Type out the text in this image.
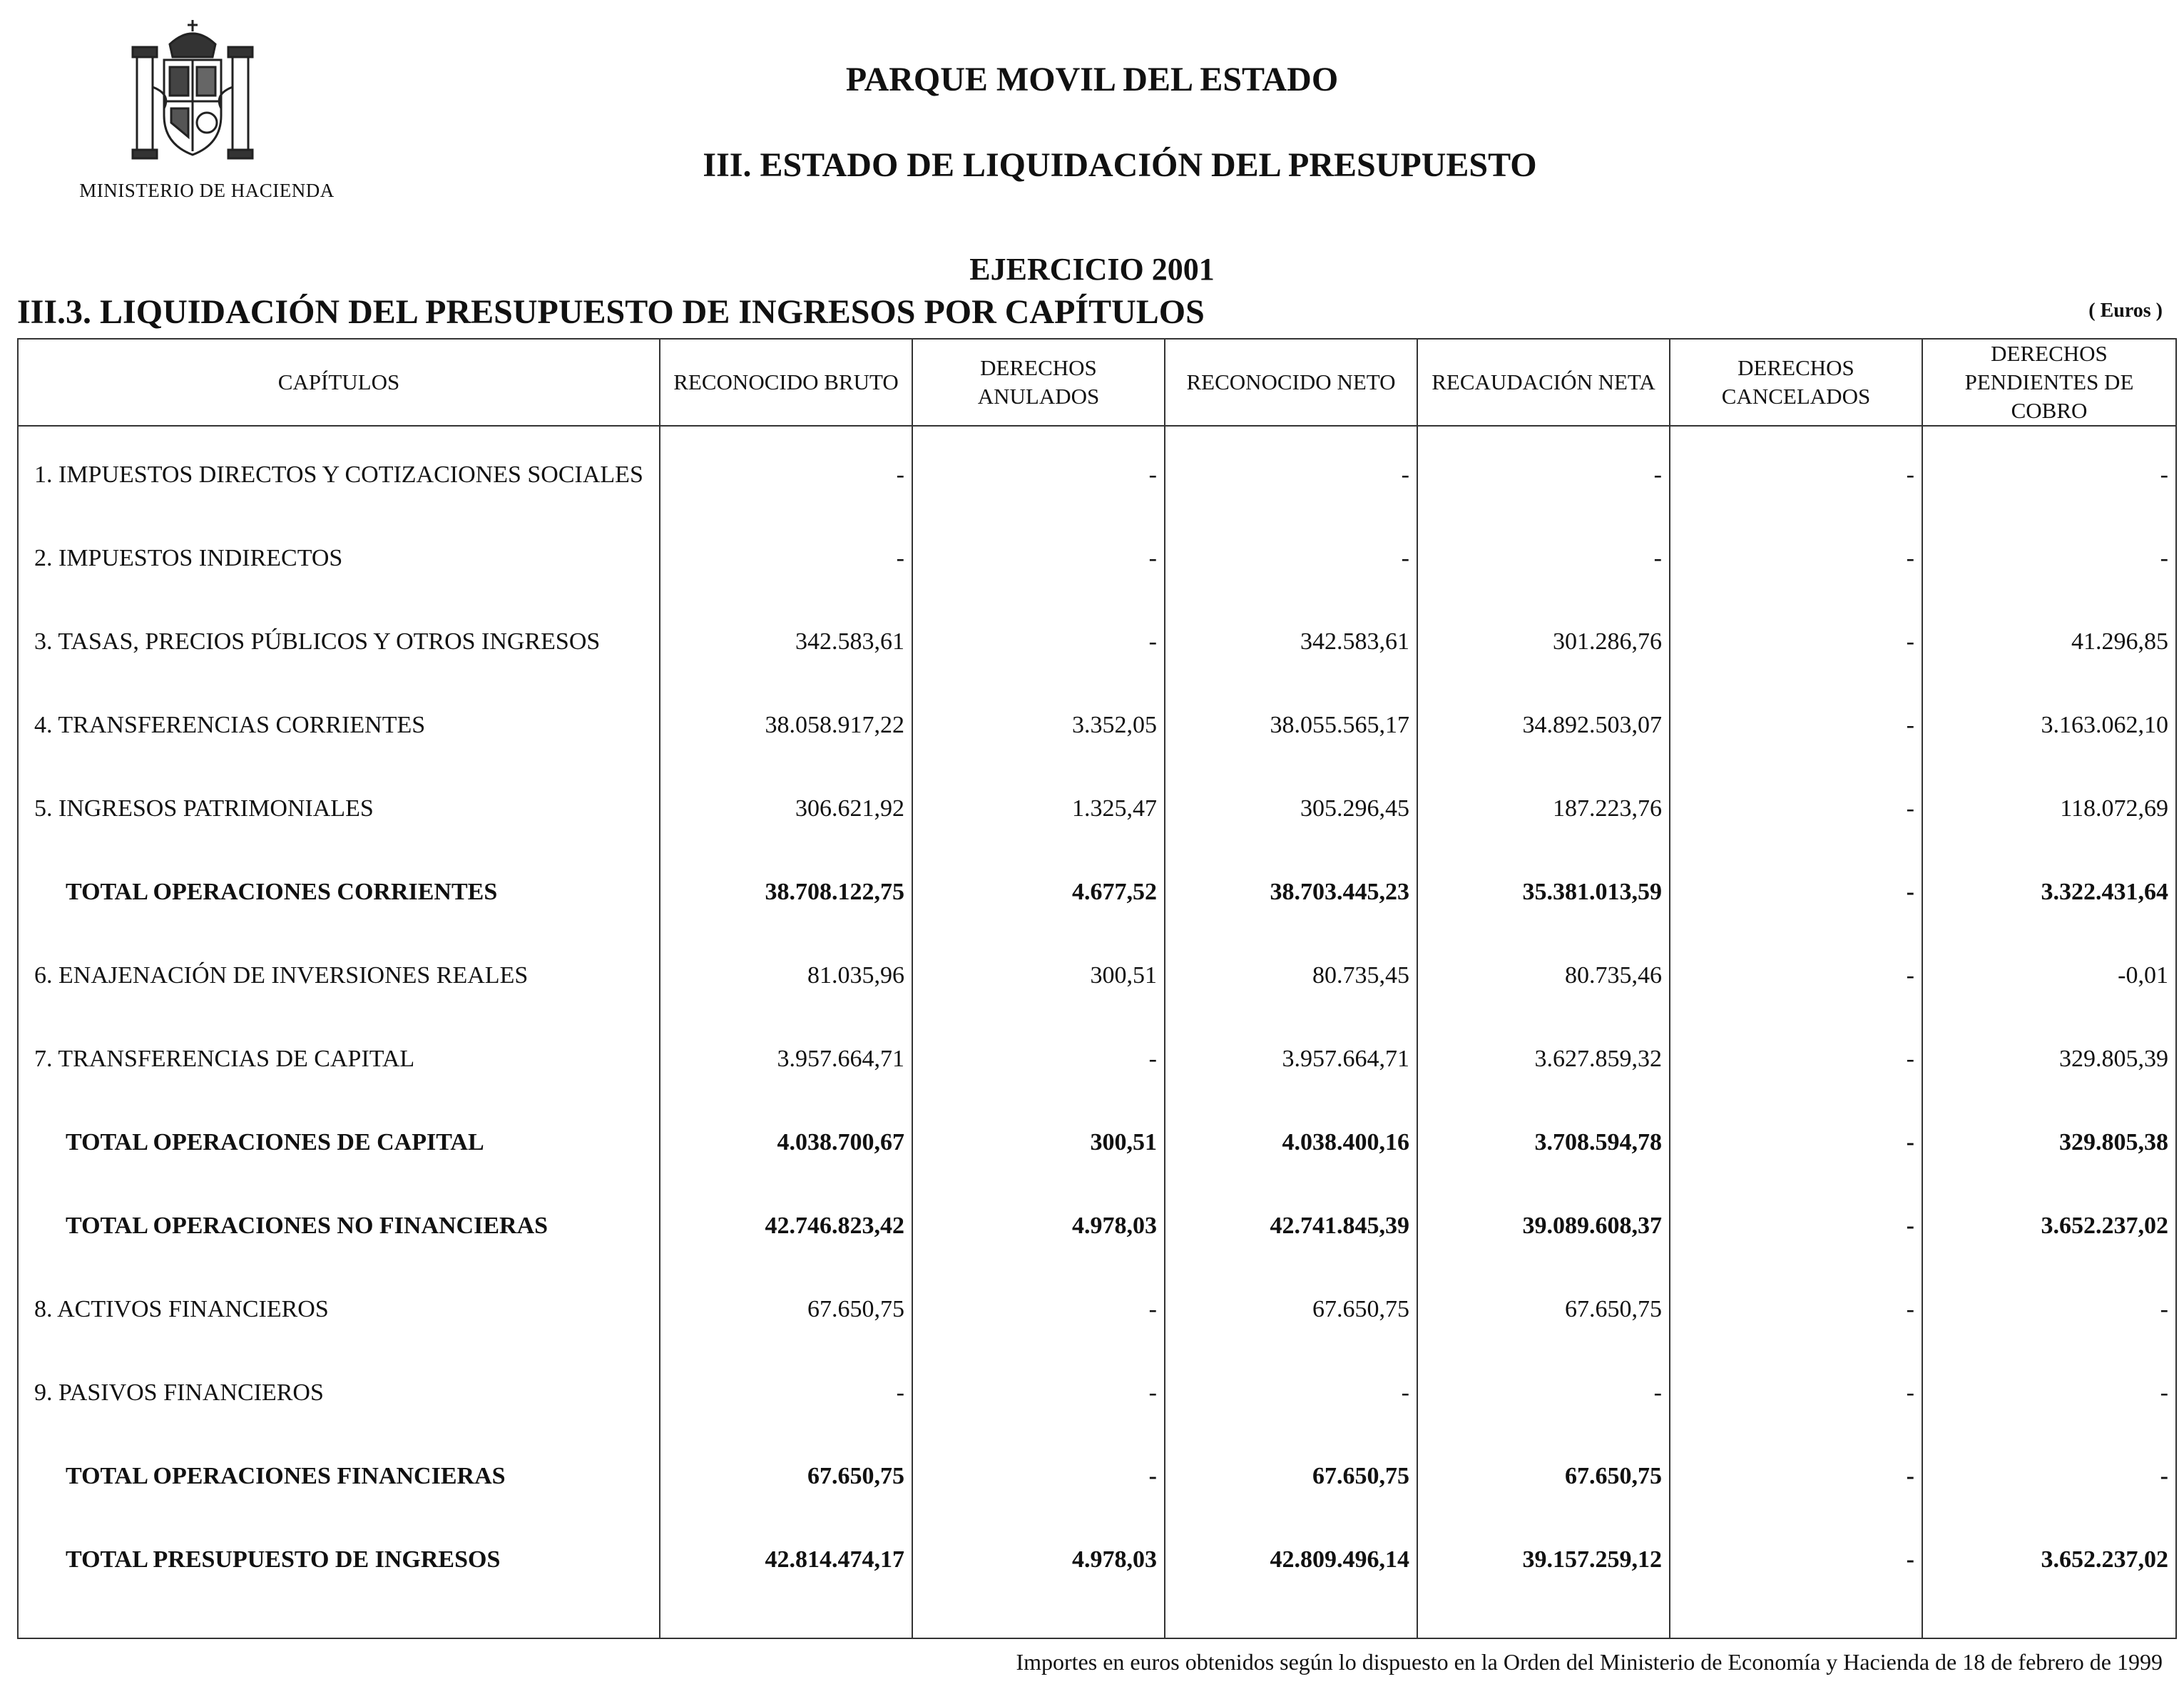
MINISTERIO DE HACIENDA
PARQUE MOVIL DEL ESTADO
III. ESTADO DE LIQUIDACIÓN DEL PRESUPUESTO
EJERCICIO 2001
III.3. LIQUIDACIÓN DEL PRESUPUESTO DE INGRESOS POR CAPÍTULOS	( Euros )
CAPÍTULOS	RECONOCIDO BRUTO	DERECHOS ANULADOS	RECONOCIDO NETO	RECAUDACIÓN NETA	DERECHOS CANCELADOS	DERECHOS PENDIENTES DE COBRO
1. IMPUESTOS DIRECTOS Y COTIZACIONES SOCIALES	-	-	-	-	-	-
2. IMPUESTOS INDIRECTOS	-	-	-	-	-	-
3. TASAS, PRECIOS PÚBLICOS Y OTROS INGRESOS	342.583,61	-	342.583,61	301.286,76	-	41.296,85
4. TRANSFERENCIAS CORRIENTES	38.058.917,22	3.352,05	38.055.565,17	34.892.503,07	-	3.163.062,10
5. INGRESOS PATRIMONIALES	306.621,92	1.325,47	305.296,45	187.223,76	-	118.072,69
TOTAL OPERACIONES CORRIENTES	38.708.122,75	4.677,52	38.703.445,23	35.381.013,59	-	3.322.431,64
6. ENAJENACIÓN DE INVERSIONES REALES	81.035,96	300,51	80.735,45	80.735,46	-	-0,01
7. TRANSFERENCIAS DE CAPITAL	3.957.664,71	-	3.957.664,71	3.627.859,32	-	329.805,39
TOTAL OPERACIONES DE CAPITAL	4.038.700,67	300,51	4.038.400,16	3.708.594,78	-	329.805,38
TOTAL OPERACIONES NO FINANCIERAS	42.746.823,42	4.978,03	42.741.845,39	39.089.608,37	-	3.652.237,02
8. ACTIVOS FINANCIEROS	67.650,75	-	67.650,75	67.650,75	-	-
9. PASIVOS FINANCIEROS	-	-	-	-	-	-
TOTAL OPERACIONES FINANCIERAS	67.650,75	-	67.650,75	67.650,75	-	-
TOTAL PRESUPUESTO DE INGRESOS	42.814.474,17	4.978,03	42.809.496,14	39.157.259,12	-	3.652.237,02

Importes en euros obtenidos según lo dispuesto en la Orden del Ministerio de Economía y Hacienda de 18 de febrero de 1999
